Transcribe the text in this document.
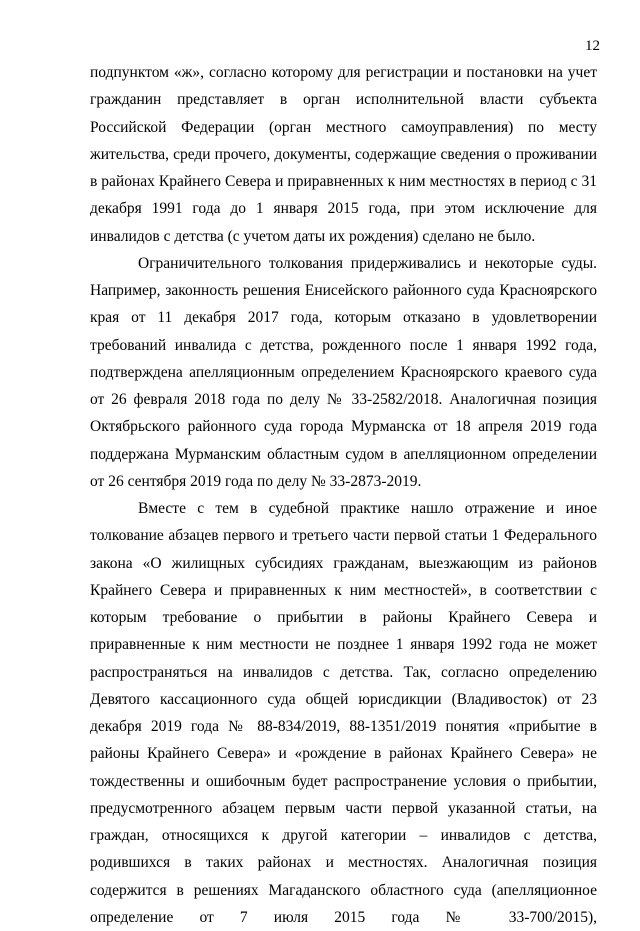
12

подпунктом «ж», согласно которому для регистрации и постановки на учет гражданин представляет в орган исполнительной власти субъекта Российской Федерации (орган местного самоуправления) по месту жительства, среди прочего, документы, содержащие сведения о проживании в районах Крайнего Севера и приравненных к ним местностях в период с 31 декабря 1991 года до 1 января 2015 года, при этом исключение для инвалидов с детства (с учетом даты их рождения) сделано не было.

Ограничительного толкования придерживались и некоторые суды. Например, законность решения Енисейского районного суда Красноярского края от 11 декабря 2017 года, которым отказано в удовлетворении требований инвалида с детства, рожденного после 1 января 1992 года, подтверждена апелляционным определением Красноярского краевого суда от 26 февраля 2018 года по делу № 33-2582/2018. Аналогичная позиция Октябрьского районного суда города Мурманска от 18 апреля 2019 года поддержана Мурманским областным судом в апелляционном определении от 26 сентября 2019 года по делу № 33-2873-2019.

Вместе с тем в судебной практике нашло отражение и иное толкование абзацев первого и третьего части первой статьи 1 Федерального закона «О жилищных субсидиях гражданам, выезжающим из районов Крайнего Севера и приравненных к ним местностей», в соответствии с которым требование о прибытии в районы Крайнего Севера и приравненные к ним местности не позднее 1 января 1992 года не может распространяться на инвалидов с детства. Так, согласно определению Девятого кассационного суда общей юрисдикции (Владивосток) от 23 декабря 2019 года № 88-834/2019, 88-1351/2019 понятия «прибытие в районы Крайнего Севера» и «рождение в районах Крайнего Севера» не тождественны и ошибочным будет распространение условия о прибытии, предусмотренного абзацем первым части первой указанной статьи, на граждан, относящихся к другой категории – инвалидов с детства, родившихся в таких районах и местностях. Аналогичная позиция содержится в решениях Магаданского областного суда (апелляционное определение от 7 июля 2015 года № 33-700/2015),
